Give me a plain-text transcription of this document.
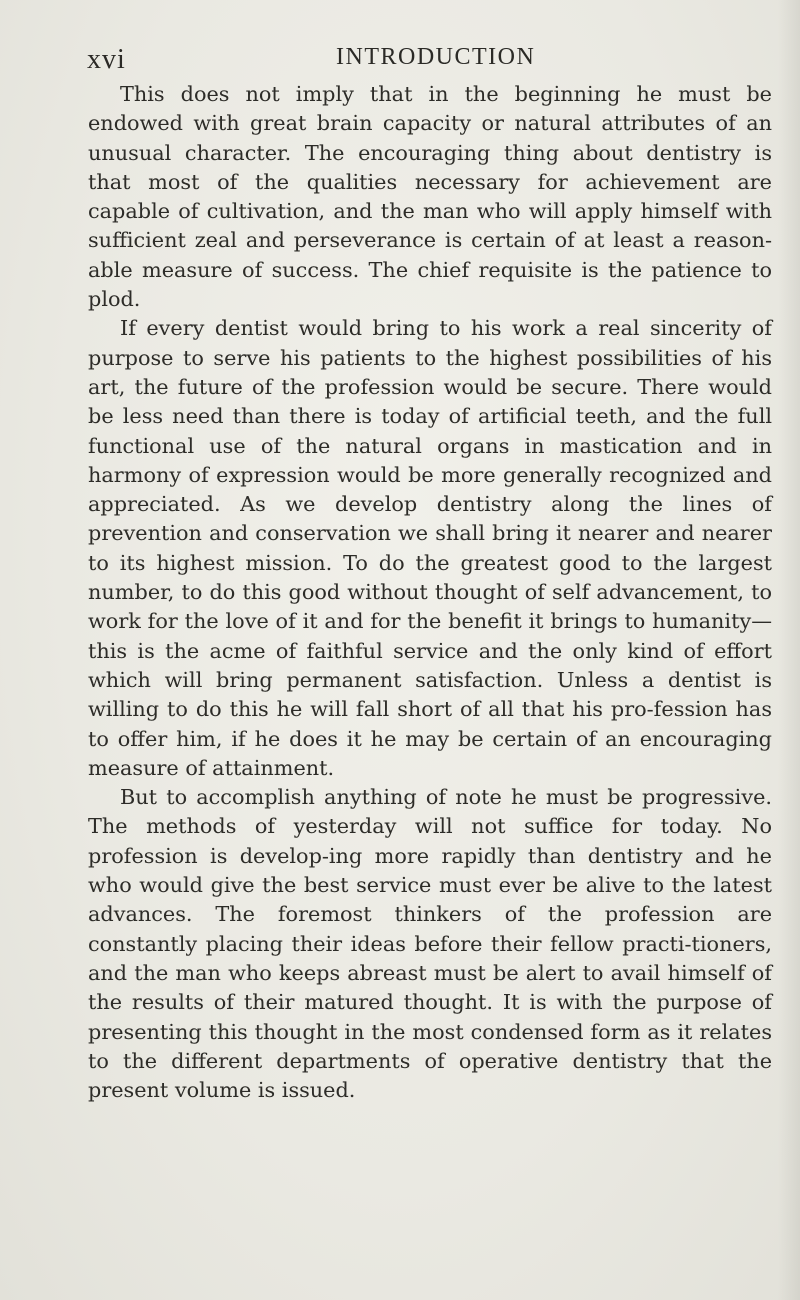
xvi	INTRODUCTION

This does not imply that in the beginning he must be endowed with great brain capacity or natural attributes of an unusual character. The encouraging thing about dentistry is that most of the qualities necessary for achievement are capable of cultivation, and the man who will apply himself with sufficient zeal and perseverance is certain of at least a reason-able measure of success. The chief requisite is the patience to plod.

If every dentist would bring to his work a real sincerity of purpose to serve his patients to the highest possibilities of his art, the future of the profession would be secure. There would be less need than there is today of artificial teeth, and the full functional use of the natural organs in mastication and in harmony of expression would be more generally recognized and appreciated. As we develop dentistry along the lines of prevention and conservation we shall bring it nearer and nearer to its highest mission. To do the greatest good to the largest number, to do this good without thought of self advancement, to work for the love of it and for the benefit it brings to humanity—this is the acme of faithful service and the only kind of effort which will bring permanent satisfaction. Unless a dentist is willing to do this he will fall short of all that his pro-fession has to offer him, if he does it he may be certain of an encouraging measure of attainment.

But to accomplish anything of note he must be progressive. The methods of yesterday will not suffice for today. No profession is develop-ing more rapidly than dentistry and he who would give the best service must ever be alive to the latest advances. The foremost thinkers of the profession are constantly placing their ideas before their fellow practi-tioners, and the man who keeps abreast must be alert to avail himself of the results of their matured thought. It is with the purpose of presenting this thought in the most condensed form as it relates to the different departments of operative dentistry that the present volume is issued.
